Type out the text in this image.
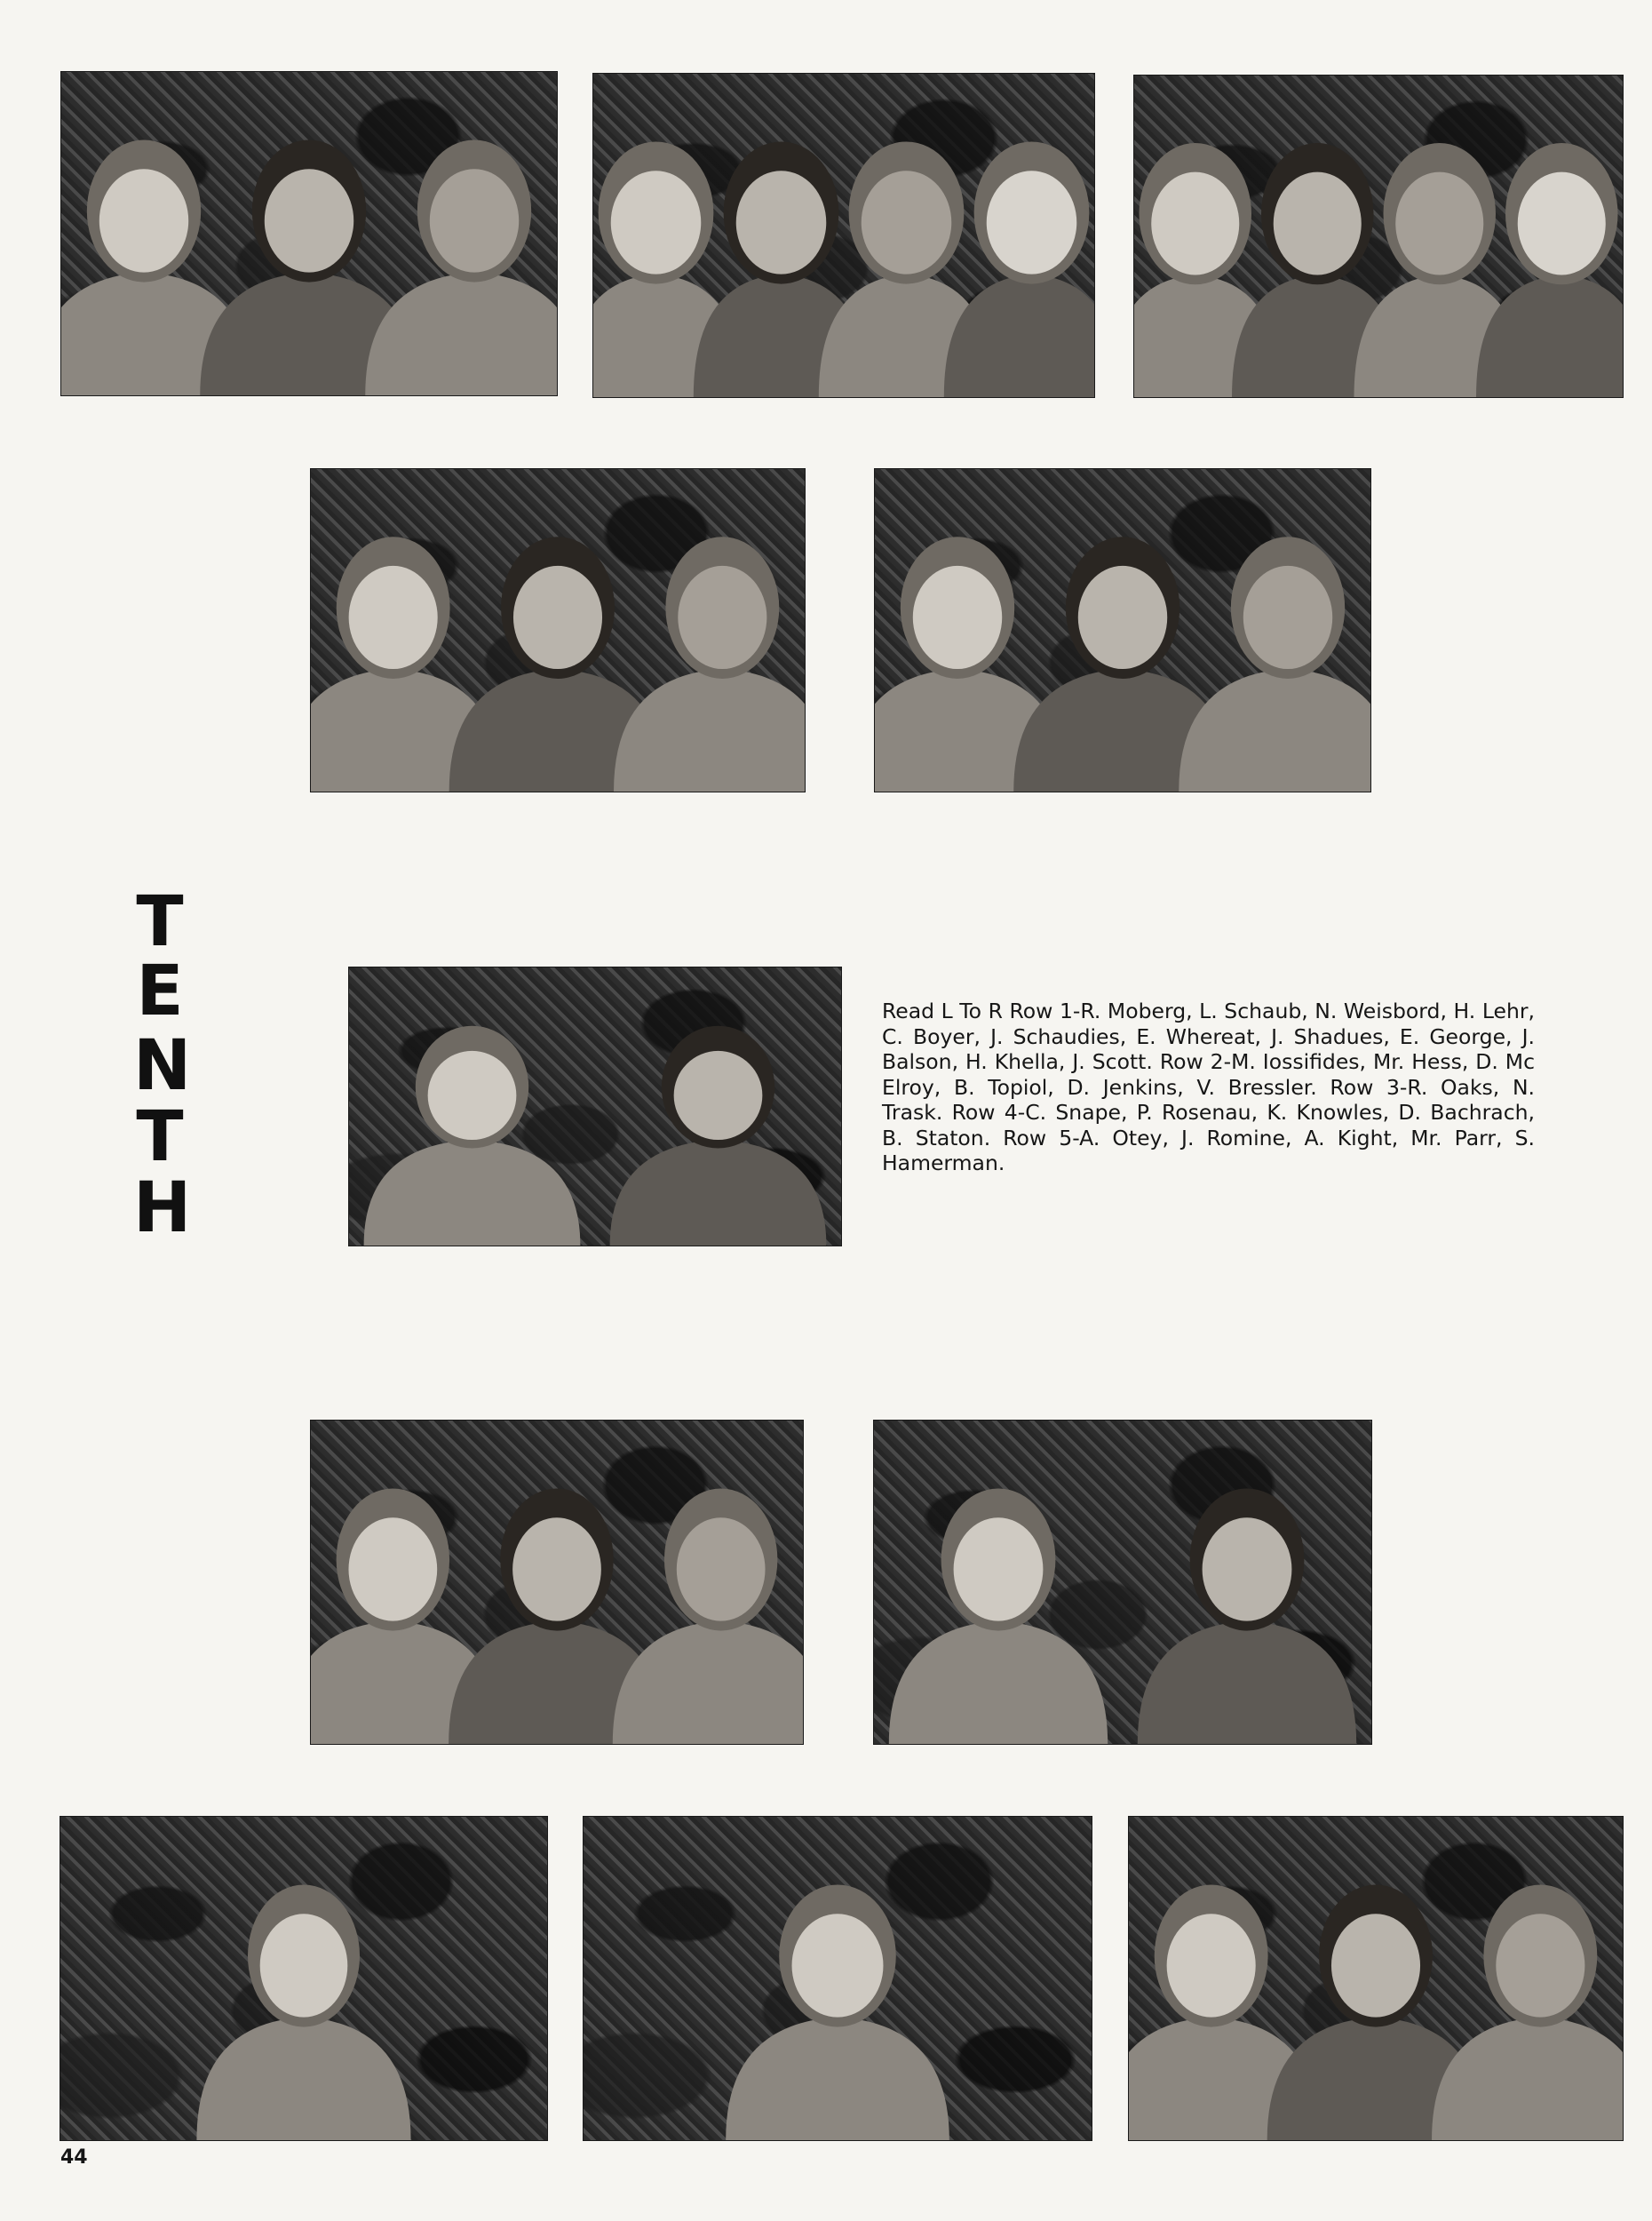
T
E
N
T
H
Read L To R Row 1-R. Moberg, L. Schaub, N. Weisbord, H. Lehr, C. Boyer, J. Schaudies, E. Whereat, J. Shadues, E. George, J. Balson, H. Khella, J. Scott. Row 2-M. Iossifides, Mr. Hess, D. Mc Elroy, B. Topiol, D. Jenkins, V. Bressler. Row 3-R. Oaks, N. Trask. Row 4-C. Snape, P. Rosenau, K. Knowles, D. Bachrach, B. Staton. Row 5-A. Otey, J. Romine, A. Kight, Mr. Parr, S. Hamerman.
44
